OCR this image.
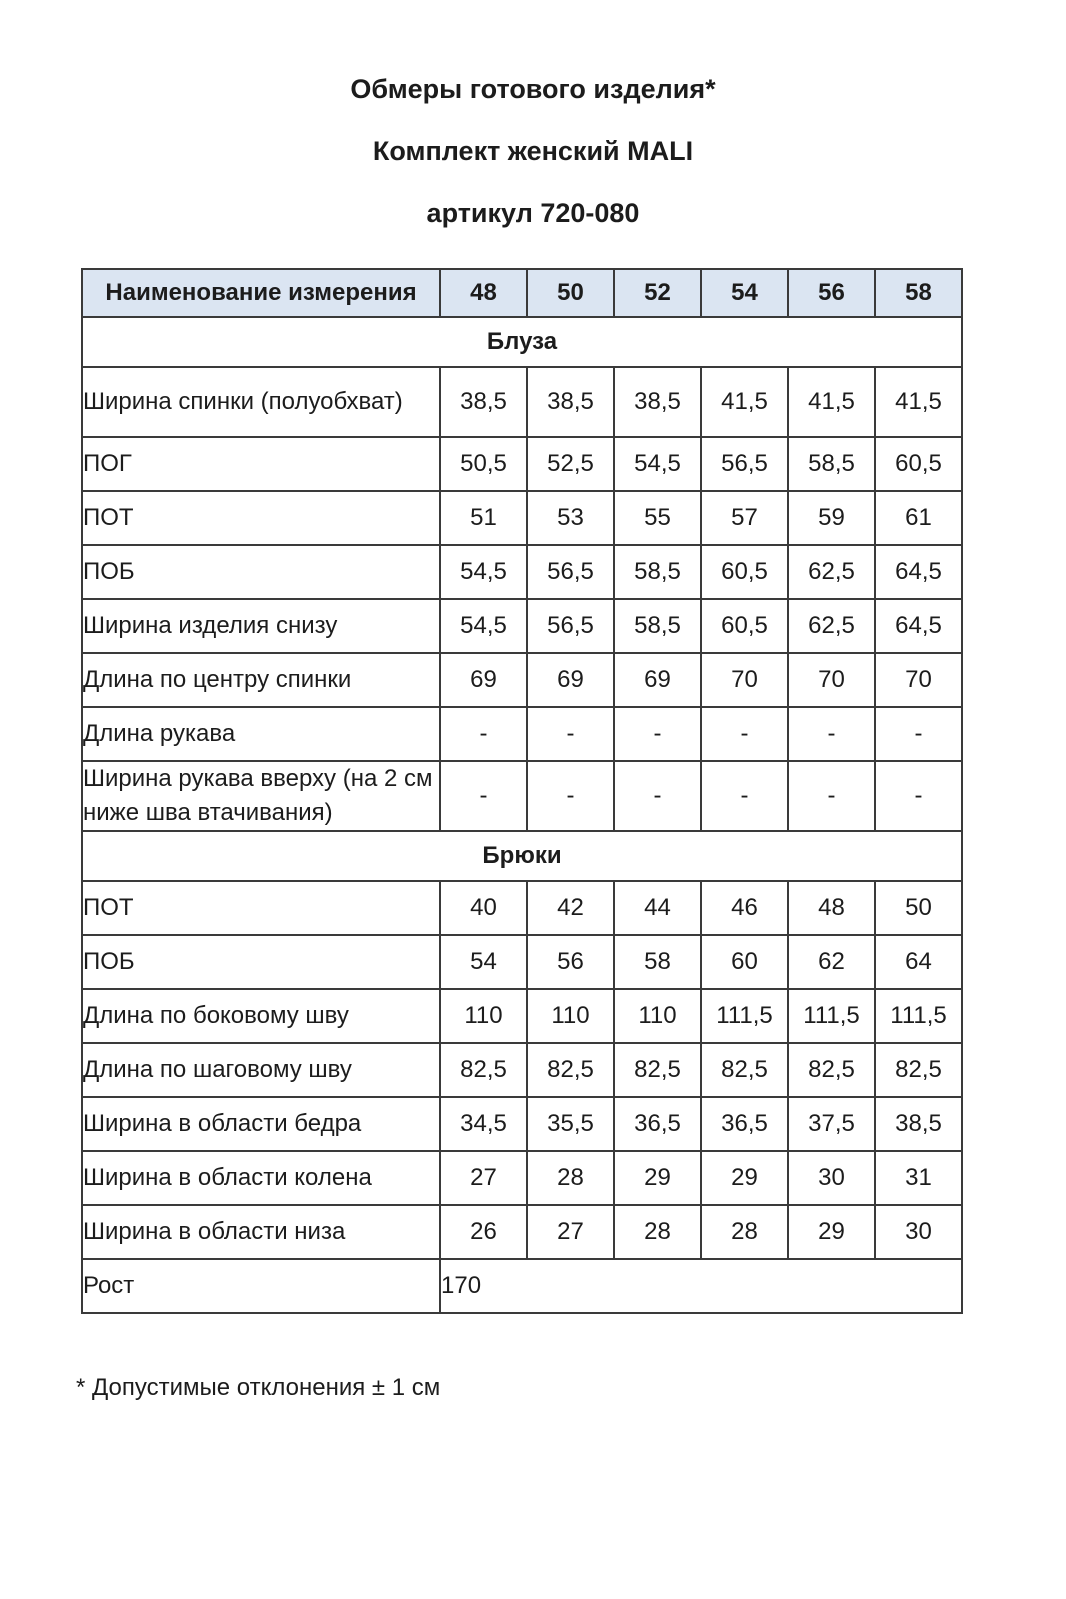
Обмеры готового изделия*
Комплект женский MALI
артикул 720-080
Наименование измерения	48	50	52	54	56	58
Блуза						
Ширина спинки (полуобхват)	38,5	38,5	38,5	41,5	41,5	41,5
ПОГ	50,5	52,5	54,5	56,5	58,5	60,5
ПОТ	51	53	55	57	59	61
ПОБ	54,5	56,5	58,5	60,5	62,5	64,5
Ширина изделия снизу	54,5	56,5	58,5	60,5	62,5	64,5
Длина по центру спинки	69	69	69	70	70	70
Длина рукава	-	-	-	-	-	-
Ширина рукава вверху (на 2 см ниже шва втачивания)	-	-	-	-	-	-
Брюки						
ПОТ	40	42	44	46	48	50
ПОБ	54	56	58	60	62	64
Длина по боковому шву	110	110	110	111,5	111,5	111,5
Длина по шаговому шву	82,5	82,5	82,5	82,5	82,5	82,5
Ширина в области бедра	34,5	35,5	36,5	36,5	37,5	38,5
Ширина в области колена	27	28	29	29	30	31
Ширина в области низа	26	27	28	28	29	30
Рост	170					
* Допустимые отклонения ± 1 см
